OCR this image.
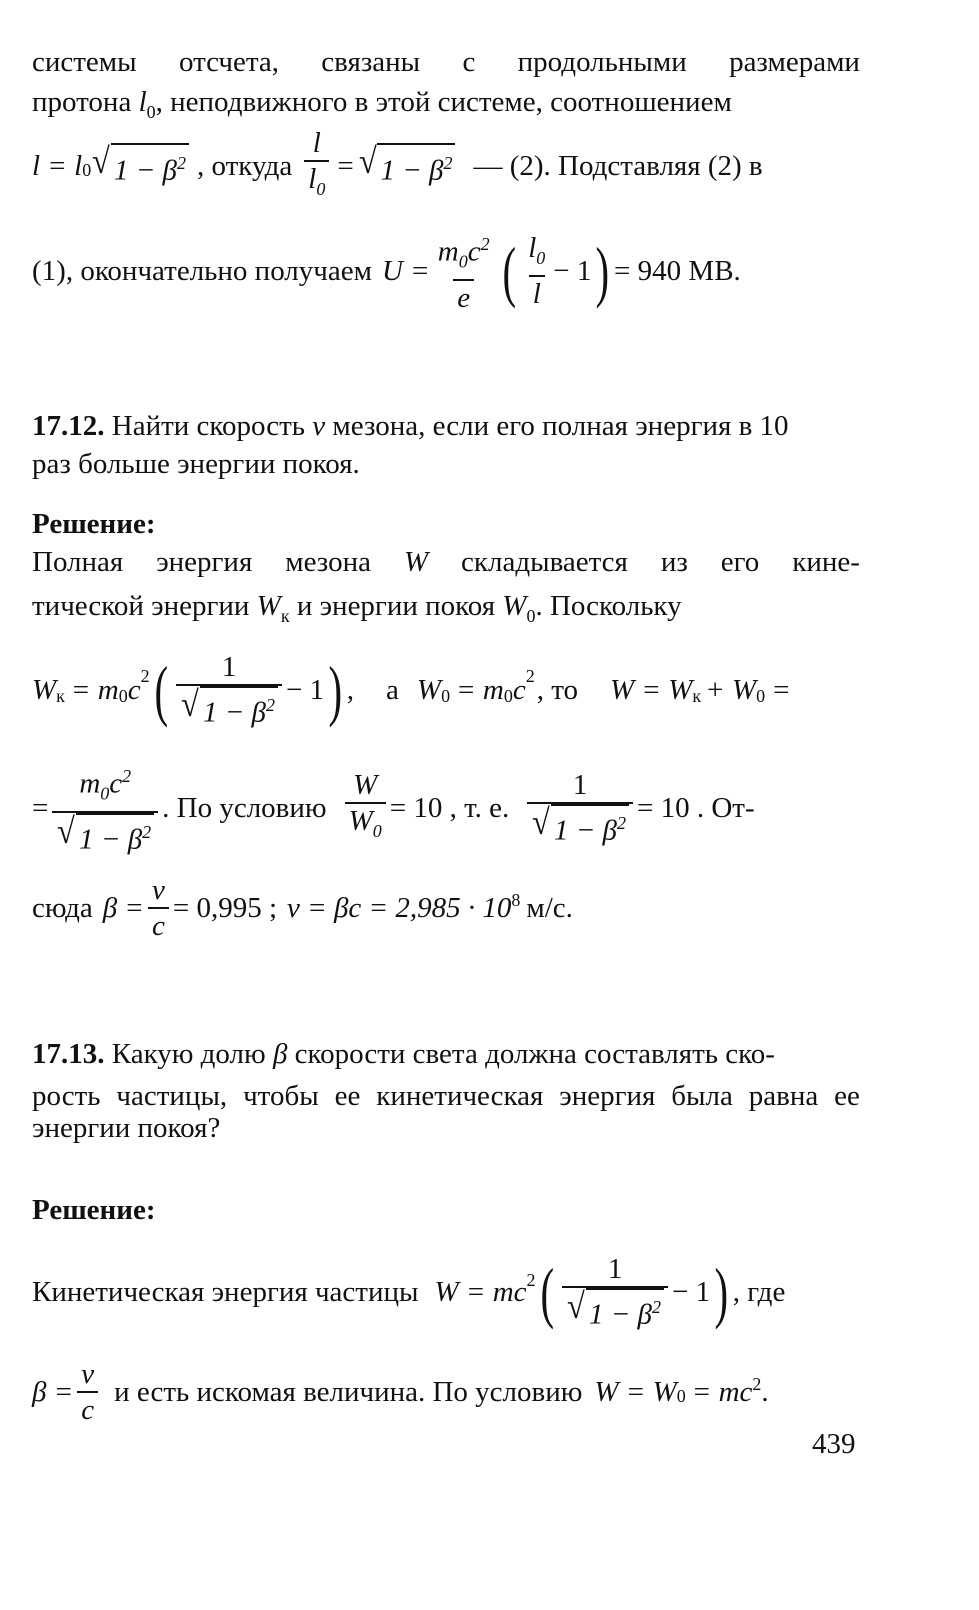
системы отсчета, связаны с продольными размерами
протона $l_0$, неподвижного в этой системе, соотношением
l = l 0 √ $1 - \beta^2$ , откуда $\frac{l}{l_0}$ = √ $1 - \beta^2$ — (2). Подставляя (2) в
(1), окончательно получаем $U = \frac{m_0c^2}{e}$ ( $\frac{l_0}{l} - 1$ ) = 940 МВ.
17.12. Найти скорость v мезона, если его полная энергия в 10
раз больше энергии покоя.
Решение:
Полная энергия мезона W складывается из его кине-
тической энергии $W_к$ и энергии покоя $W_0$. Поскольку
$W_к = m_0$ $c^2$ ( $\frac{1}{√ 1 - \beta^2} - 1$ ) , а $W_0 = m_0$ $c^2$ , то $W = W_к + W_0$ =
= $\frac{m_0c^2}{√ 1 - \beta^2}$ . По условию $\frac{W}{W_0} = 10$ , т. е. $\frac{1}{√ 1 - \beta^2} = 10$ . От-
сюда $\beta = \frac{v}{c} = 0,995$ ; $v = \beta c = 2,985 \cdot 10^8$ м/с.
17.13. Какую долю β скорости света должна составлять ско-
рость частицы, чтобы ее кинетическая энергия была равна ее
энергии покоя?
Решение:
Кинетическая энергия частицы $W = mc^2$ ( $\frac{1}{√ 1 - \beta^2} - 1$ ) , где
$\beta = \frac{v}{c}$ и есть искомая величина. По условию W = W $0 = mc^2$ .
439
